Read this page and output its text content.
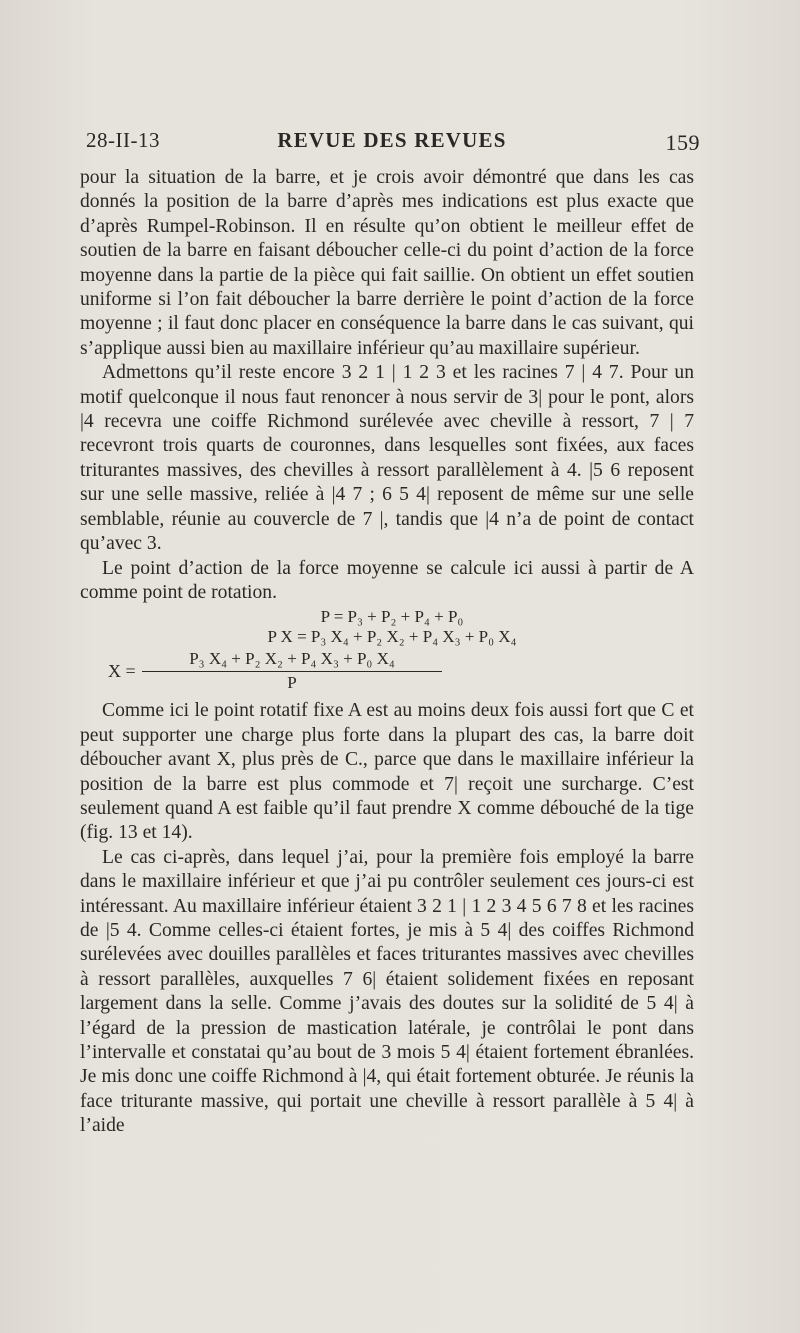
28-II-13	REVUE DES REVUES	159

pour la situation de la barre, et je crois avoir démontré que dans les cas donnés la position de la barre d’après mes indications est plus exacte que d’après Rumpel-Robinson. Il en résulte qu’on obtient le meilleur effet de soutien de la barre en faisant déboucher celle-ci du point d’action de la force moyenne dans la partie de la pièce qui fait saillie. On obtient un effet soutien uniforme si l’on fait déboucher la barre derrière le point d’action de la force moyenne ; il faut donc placer en conséquence la barre dans le cas suivant, qui s’applique aussi bien au maxillaire inférieur qu’au maxillaire supérieur.

Admettons qu’il reste encore 3 2 1 | 1 2 3 et les racines 7 | 4 7. Pour un motif quelconque il nous faut renoncer à nous servir de 3| pour le pont, alors |4 recevra une coiffe Richmond surélevée avec cheville à ressort, 7 | 7 recevront trois quarts de couronnes, dans lesquelles sont fixées, aux faces triturantes massives, des chevilles à ressort parallèlement à 4. |5 6 reposent sur une selle massive, reliée à |4 7 ; 6 5 4| reposent de même sur une selle semblable, réunie au couvercle de 7 |, tandis que |4 n’a de point de contact qu’avec 3.

Le point d’action de la force moyenne se calcule ici aussi à partir de A comme point de rotation.

P = P₃ + P₂ + P₄ + P₀
P X = P₃ X₄ + P₂ X₂ + P₄ X₃ + P₀ X₄
X =
P₃ X₄ + P₂ X₂ + P₄ X₃ + P₀ X₄
P

Comme ici le point rotatif fixe A est au moins deux fois aussi fort que C et peut supporter une charge plus forte dans la plupart des cas, la barre doit déboucher avant X, plus près de C., parce que dans le maxillaire inférieur la position de la barre est plus commode et 7| reçoit une surcharge. C’est seulement quand A est faible qu’il faut prendre X comme débouché de la tige (fig. 13 et 14).

Le cas ci-après, dans lequel j’ai, pour la première fois employé la barre dans le maxillaire inférieur et que j’ai pu contrôler seulement ces jours-ci est intéressant. Au maxillaire inférieur étaient 3 2 1 | 1 2 3 4 5 6 7 8 et les racines de |5 4. Comme celles-ci étaient fortes, je mis à 5 4| des coiffes Richmond surélevées avec douilles parallèles et faces triturantes massives avec chevilles à ressort parallèles, auxquelles 7 6| étaient solidement fixées en reposant largement dans la selle. Comme j’avais des doutes sur la solidité de 5 4| à l’égard de la pression de mastication latérale, je contrôlai le pont dans l’intervalle et constatai qu’au bout de 3 mois 5 4| étaient fortement ébranlées. Je mis donc une coiffe Richmond à |4, qui était fortement obturée. Je réunis la face triturante massive, qui portait une cheville à ressort parallèle à 5 4| à l’aide
